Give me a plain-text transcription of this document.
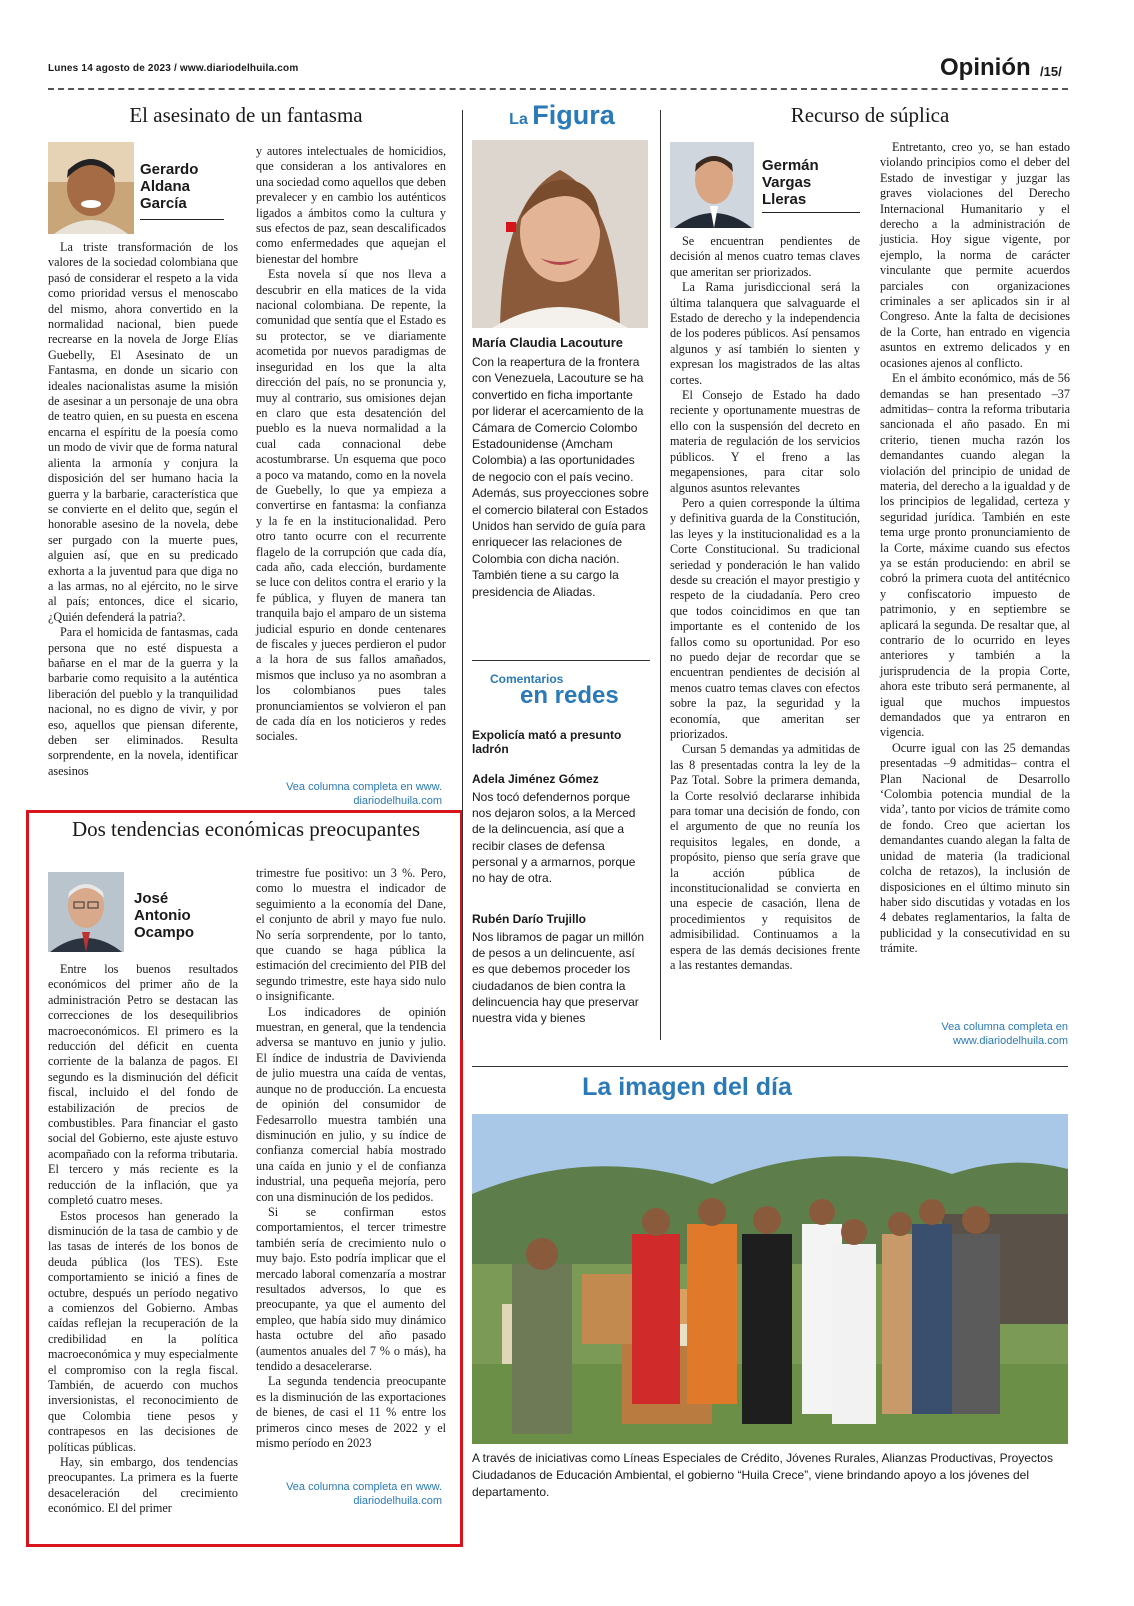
Lunes 14 agosto de 2023 / www.diariodelhuila.com	Opinión /15/
El asesinato de un fantasma
Gerardo
Aldana
García

La triste transformación de los valores de la sociedad colombiana que pasó de considerar el respeto a la vida como prioridad versus el menoscabo del mismo, ahora convertido en la normalidad nacional, bien puede recrearse en la novela de Jorge Elías Guebelly, El Asesinato de un Fantasma, en donde un sicario con ideales nacionalistas asume la misión de asesinar a un personaje de una obra de teatro quien, en su puesta en escena encarna el espíritu de la poesía como un modo de vivir que de forma natural alienta la armonía y conjura la disposición del ser humano hacia la guerra y la barbarie, característica que se convierte en el delito que, según el honorable asesino de la novela, debe ser purgado con la muerte pues, alguien así, que en su predicado exhorta a la juventud para que diga no a las armas, no al ejército, no le sirve al país; entonces, dice el sicario, ¿Quién defenderá la patria?.

Para el homicida de fantasmas, cada persona que no esté dispuesta a bañarse en el mar de la guerra y la barbarie como requisito a la auténtica liberación del pueblo y la tranquilidad nacional, no es digno de vivir, y por eso, aquellos que piensan diferente, deben ser eliminados. Resulta sorprendente, en la novela, identificar asesinos

y autores intelectuales de homicidios, que consideran a los antivalores en una sociedad como aquellos que deben prevalecer y en cambio los auténticos ligados a ámbitos como la cultura y sus efectos de paz, sean descalificados como enfermedades que aquejan el bienestar del hombre

Esta novela sí que nos lleva a descubrir en ella matices de la vida nacional colombiana. De repente, la comunidad que sentía que el Estado es su protector, se ve diariamente acometida por nuevos paradigmas de inseguridad en los que la alta dirección del país, no se pronuncia y, muy al contrario, sus omisiones dejan en claro que esta desatención del pueblo es la nueva normalidad a la cual cada connacional debe acostumbrarse. Un esquema que poco a poco va matando, como en la novela de Guebelly, lo que ya empieza a convertirse en fantasma: la confianza y la fe en la institucionalidad. Pero otro tanto ocurre con el recurrente flagelo de la corrupción que cada día, cada año, cada elección, burdamente se luce con delitos contra el erario y la fe pública, y fluyen de manera tan tranquila bajo el amparo de un sistema judicial espurio en donde centenares de fiscales y jueces perdieron el pudor a la hora de sus fallos amañados, mismos que incluso ya no asombran a los colombianos pues tales pronunciamientos se volvieron el pan de cada día en los noticieros y redes sociales.

Vea columna completa en www.
diariodelhuila.com
Dos tendencias económicas preocupantes
José
Antonio
Ocampo

Entre los buenos resultados económicos del primer año de la administración Petro se destacan las correcciones de los desequilibrios macroeconómicos. El primero es la reducción del déficit en cuenta corriente de la balanza de pagos. El segundo es la disminución del déficit fiscal, incluido el del fondo de estabilización de precios de combustibles. Para financiar el gasto social del Gobierno, este ajuste estuvo acompañado con la reforma tributaria. El tercero y más reciente es la reducción de la inflación, que ya completó cuatro meses.

Estos procesos han generado la disminución de la tasa de cambio y de las tasas de interés de los bonos de deuda pública (los TES). Este comportamiento se inició a fines de octubre, después un período negativo a comienzos del Gobierno. Ambas caídas reflejan la recuperación de la credibilidad en la política macroeconómica y muy especialmente el compromiso con la regla fiscal. También, de acuerdo con muchos inversionistas, el reconocimiento de que Colombia tiene pesos y contrapesos en las decisiones de políticas públicas.

Hay, sin embargo, dos tendencias preocupantes. La primera es la fuerte desaceleración del crecimiento económico. El del primer

trimestre fue positivo: un 3 %. Pero, como lo muestra el indicador de seguimiento a la economía del Dane, el conjunto de abril y mayo fue nulo. No sería sorprendente, por lo tanto, que cuando se haga pública la estimación del crecimiento del PIB del segundo trimestre, este haya sido nulo o insignificante.

Los indicadores de opinión muestran, en general, que la tendencia adversa se mantuvo en junio y julio. El índice de industria de Davivienda de julio muestra una caída de ventas, aunque no de producción. La encuesta de opinión del consumidor de Fedesarrollo muestra también una disminución en julio, y su índice de confianza comercial había mostrado una caída en junio y el de confianza industrial, una pequeña mejoría, pero con una disminución de los pedidos.

Si se confirman estos comportamientos, el tercer trimestre también sería de crecimiento nulo o muy bajo. Esto podría implicar que el mercado laboral comenzaría a mostrar resultados adversos, lo que es preocupante, ya que el aumento del empleo, que había sido muy dinámico hasta octubre del año pasado (aumentos anuales del 7 % o más), ha tendido a desacelerarse.

La segunda tendencia preocupante es la disminución de las exportaciones de bienes, de casi el 11 % entre los primeros cinco meses de 2022 y el mismo período en 2023

Vea columna completa en www.
diariodelhuila.com
La Figura
María Claudia Lacouture
Con la reapertura de la frontera con Venezuela, Lacouture se ha convertido en ficha importante por liderar el acercamiento de la Cámara de Comercio Colombo Estadounidense (Amcham Colombia) a las oportunidades de negocio con el país vecino. Además, sus proyecciones sobre el comercio bilateral con Estados Unidos han servido de guía para enriquecer las relaciones de Colombia con dicha nación. También tiene a su cargo la presidencia de Aliadas.
Comentarios
en redes
Expolicía mató a presunto ladrón
Adela Jiménez Gómez
Nos tocó defendernos porque nos dejaron solos, a la Merced de la delincuencia, así que a recibir clases de defensa personal y a armarnos, porque no hay de otra.
Rubén Darío Trujillo
Nos libramos de pagar un millón de pesos a un delincuente, así es que debemos proceder los ciudadanos de bien contra la delincuencia hay que preservar nuestra vida y bienes
Recurso de súplica
Germán
Vargas
Lleras

Se encuentran pendientes de decisión al menos cuatro temas claves que ameritan ser priorizados.

La Rama jurisdiccional será la última talanquera que salvaguarde el Estado de derecho y la independencia de los poderes públicos. Así pensamos algunos y así también lo sienten y expresan los magistrados de las altas cortes.

El Consejo de Estado ha dado reciente y oportunamente muestras de ello con la suspensión del decreto en materia de regulación de los servicios públicos. Y el freno a las megapensiones, para citar solo algunos asuntos relevantes

Pero a quien corresponde la última y definitiva guarda de la Constitución, las leyes y la institucionalidad es a la Corte Constitucional. Su tradicional seriedad y ponderación le han valido desde su creación el mayor prestigio y respeto de la ciudadanía. Pero creo que todos coincidimos en que tan importante es el contenido de los fallos como su oportunidad. Por eso no puedo dejar de recordar que se encuentran pendientes de decisión al menos cuatro temas claves con efectos sobre la paz, la seguridad y la economía, que ameritan ser priorizados.

Cursan 5 demandas ya admitidas de las 8 presentadas contra la ley de la Paz Total. Sobre la primera demanda, la Corte resolvió declararse inhibida para tomar una decisión de fondo, con el argumento de que no reunía los requisitos legales, en donde, a propósito, pienso que sería grave que la acción pública de inconstitucionalidad se convierta en una especie de casación, llena de procedimientos y requisitos de admisibilidad. Continuamos a la espera de las demás decisiones frente a las restantes demandas.

Entretanto, creo yo, se han estado violando principios como el deber del Estado de investigar y juzgar las graves violaciones del Derecho Internacional Humanitario y el derecho a la administración de justicia. Hoy sigue vigente, por ejemplo, la norma de carácter vinculante que permite acuerdos parciales con organizaciones criminales a ser aplicados sin ir al Congreso. Ante la falta de decisiones de la Corte, han entrado en vigencia asuntos en extremo delicados y en ocasiones ajenos al conflicto.

En el ámbito económico, más de 56 demandas se han presentado –37 admitidas– contra la reforma tributaria sancionada el año pasado. En mi criterio, tienen mucha razón los demandantes cuando alegan la violación del principio de unidad de materia, del derecho a la igualdad y de los principios de legalidad, certeza y seguridad jurídica. También en este tema urge pronto pronunciamiento de la Corte, máxime cuando sus efectos ya se están produciendo: en abril se cobró la primera cuota del antitécnico y confiscatorio impuesto de patrimonio, y en septiembre se aplicará la segunda. De resaltar que, al contrario de lo ocurrido en leyes anteriores y también a la jurisprudencia de la propia Corte, ahora este tributo será permanente, al igual que muchos impuestos demandados que ya entraron en vigencia.

Ocurre igual con las 25 demandas presentadas –9 admitidas– contra el Plan Nacional de Desarrollo ‘Colombia potencia mundial de la vida’, tanto por vicios de trámite como de fondo. Creo que aciertan los demandantes cuando alegan la falta de unidad de materia (la tradicional colcha de retazos), la inclusión de disposiciones en el último minuto sin haber sido discutidas y votadas en los 4 debates reglamentarios, la falta de publicidad y la consecutividad en su trámite.

Vea columna completa en
www.diariodelhuila.com
La imagen del día
A través de iniciativas como Líneas Especiales de Crédito, Jóvenes Rurales, Alianzas Productivas, Proyectos Ciudadanos de Educación Ambiental, el gobierno “Huila Crece”, viene brindando apoyo a los jóvenes del departamento.
